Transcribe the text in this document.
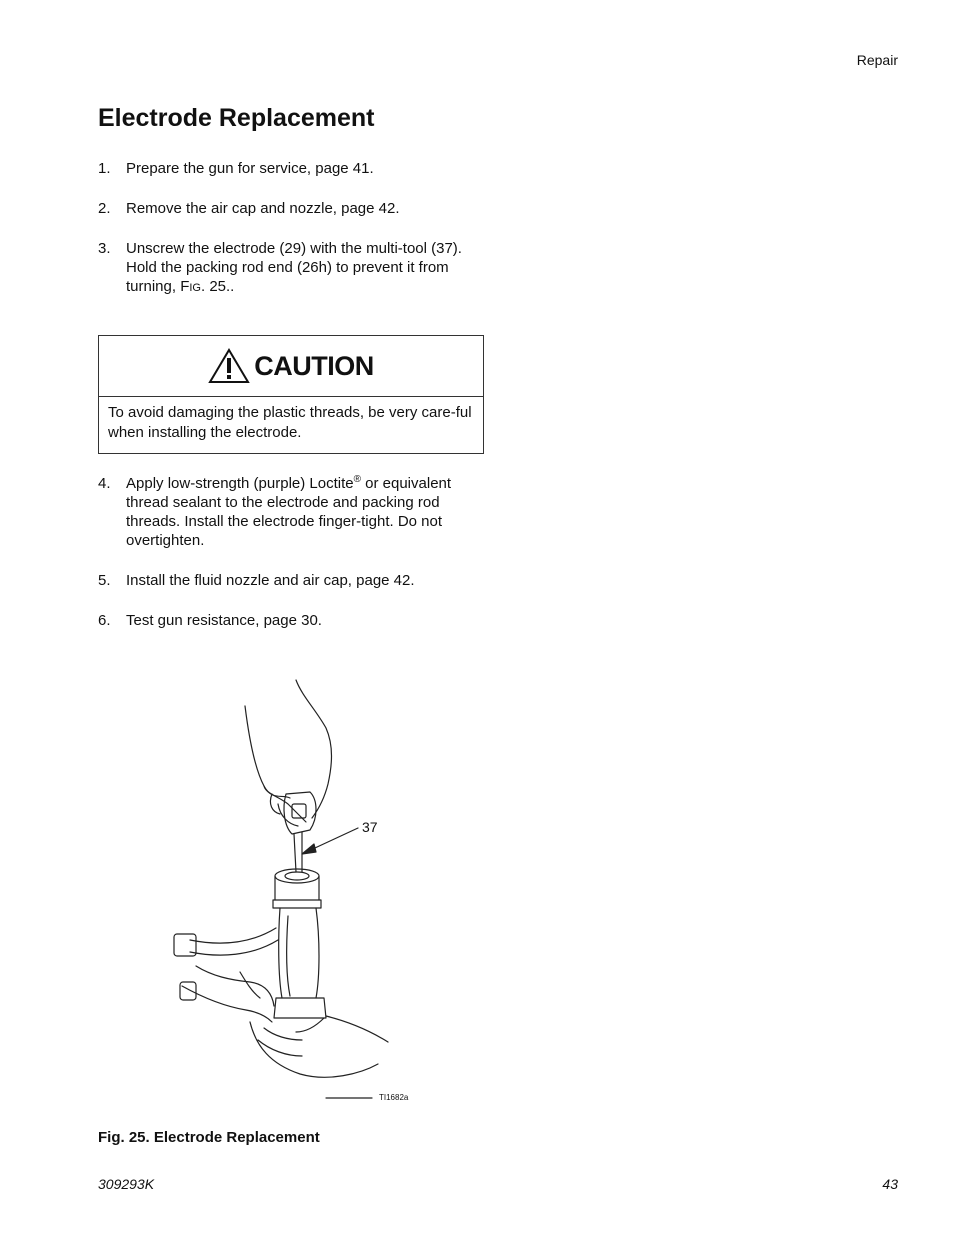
Repair
Electrode Replacement
1.	Prepare the gun for service, page 41.
2.	Remove the air cap and nozzle, page 42.
3.	Unscrew the electrode (29) with the multi-tool (37). Hold the packing rod end (26h) to prevent it from turning, Fig. 25..
CAUTION
To avoid damaging the plastic threads, be very care-ful when installing the electrode.
4.	Apply low-strength (purple) Loctite® or equivalent thread sealant to the electrode and packing rod threads. Install the electrode finger-tight. Do not overtighten.
5.	Install the fluid nozzle and air cap, page 42.
6.	Test gun resistance, page 30.
37
TI1682a
Fig. 25. Electrode Replacement
309293K	43
